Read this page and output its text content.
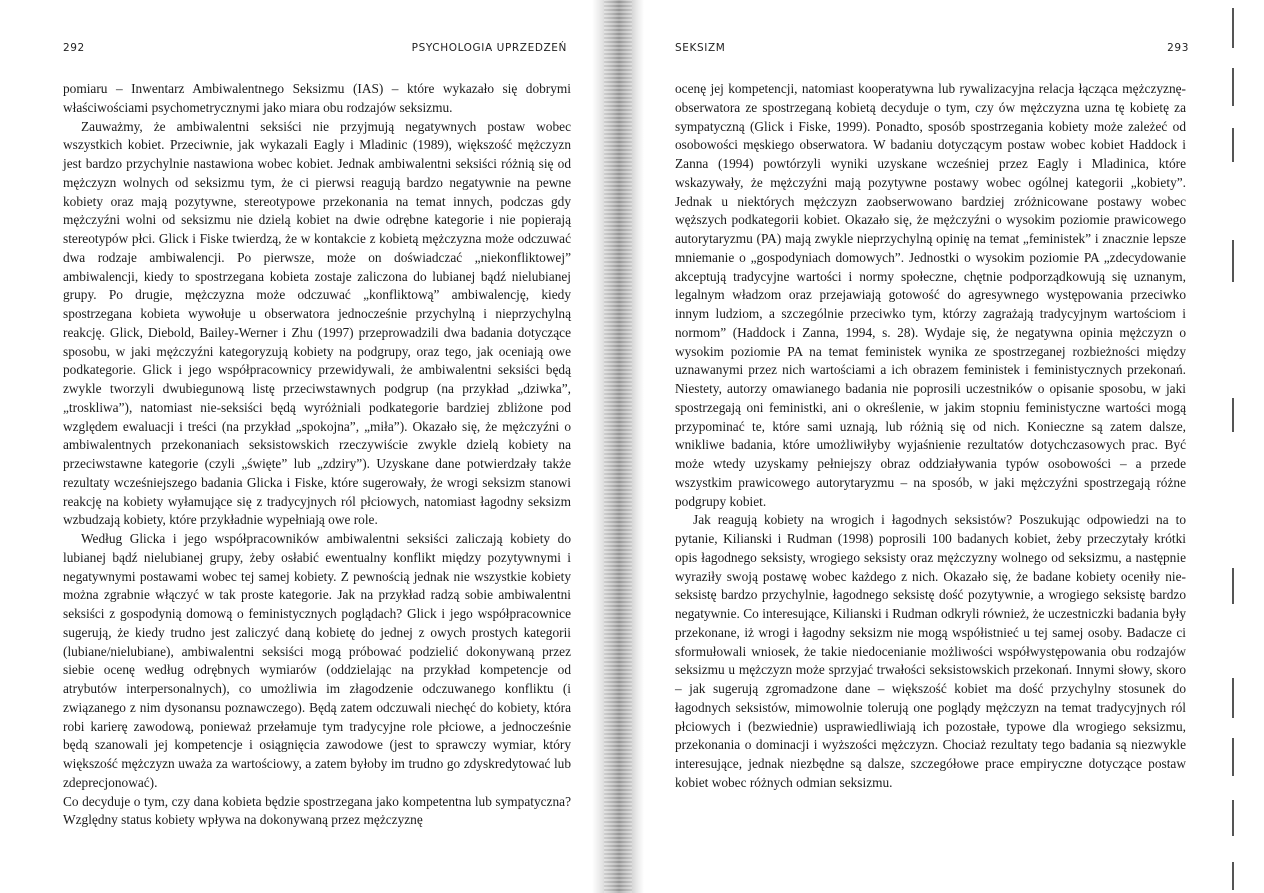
292	PSYCHOLOGIA UPRZEDZEŃ

pomiaru – Inwentarz Ambiwalentnego Seksizmu (IAS) – które wykazało się dobrymi właściwościami psychometrycznymi jako miara obu rodzajów seksizmu.

Zauważmy, że ambiwalentni seksiści nie przyjmują negatywnych postaw wobec wszystkich kobiet. Przeciwnie, jak wykazali Eagly i Mladinic (1989), większość mężczyzn jest bardzo przychylnie nastawiona wobec kobiet. Jednak ambiwalentni seksiści różnią się od mężczyzn wolnych od seksizmu tym, że ci pierwsi reagują bardzo negatywnie na pewne kobiety oraz mają pozytywne, stereotypowe przekonania na temat innych, podczas gdy mężczyźni wolni od seksizmu nie dzielą kobiet na dwie odrębne kategorie i nie popierają stereotypów płci. Glick i Fiske twierdzą, że w kontakcie z kobietą mężczyzna może odczuwać dwa rodzaje ambiwalencji. Po pierwsze, może on doświadczać „niekonfliktowej” ambiwalencji, kiedy to spostrzegana kobieta zostaje zaliczona do lubianej bądź nielubianej grupy. Po drugie, mężczyzna może odczuwać „konfliktową” ambiwalencję, kiedy spostrzegana kobieta wywołuje u obserwatora jednocześnie przychylną i nieprzychylną reakcję. Glick, Diebold, Bailey-Werner i Zhu (1997) przeprowadzili dwa badania dotyczące sposobu, w jaki mężczyźni kategoryzują kobiety na podgrupy, oraz tego, jak oceniają owe podkategorie. Glick i jego współpracownicy przewidywali, że ambiwalentni seksiści będą zwykle tworzyli dwubiegunową listę przeciwstawnych podgrup (na przykład „dziwka”, „troskliwa”), natomiast nie-seksiści będą wyróżniali podkategorie bardziej zbliżone pod względem ewaluacji i treści (na przykład „spokojna”, „miła”). Okazało się, że mężczyźni o ambiwalentnych przekonaniach seksistowskich rzeczywiście zwykle dzielą kobiety na przeciwstawne kategorie (czyli „święte” lub „zdziry”). Uzyskane dane potwierdzały także rezultaty wcześniejszego badania Glicka i Fiske, które sugerowały, że wrogi seksizm stanowi reakcję na kobiety wyłamujące się z tradycyjnych ról płciowych, natomiast łagodny seksizm wzbudzają kobiety, które przykładnie wypełniają owe role.

Według Glicka i jego współpracowników ambiwalentni seksiści zaliczają kobiety do lubianej bądź nielubianej grupy, żeby osłabić ewentualny konflikt między pozytywnymi i negatywnymi postawami wobec tej samej kobiety. Z pewnością jednak nie wszystkie kobiety można zgrabnie włączyć w tak proste kategorie. Jak na przykład radzą sobie ambiwalentni seksiści z gospodynią domową o feministycznych poglądach? Glick i jego współpracownice sugerują, że kiedy trudno jest zaliczyć daną kobietę do jednej z owych prostych kategorii (lubiane/nielubiane), ambiwalentni seksiści mogą próbować podzielić dokonywaną przez siebie ocenę według odrębnych wymiarów (oddzielając na przykład kompetencje od atrybutów interpersonalnych), co umożliwia im złagodzenie odczuwanego konfliktu (i związanego z nim dysonansu poznawczego). Będą zatem odczuwali niechęć do kobiety, która robi karierę zawodową, ponieważ przełamuje tym tradycyjne role płciowe, a jednocześnie będą szanowali jej kompetencje i osiągnięcia zawodowe (jest to sprawczy wymiar, który większość mężczyzn uważa za wartościowy, a zatem byłoby im trudno go zdyskredytować lub zdeprecjonować).

Co decyduje o tym, czy dana kobieta będzie spostrzegana jako kompetentna lub sympatyczna? Względny status kobiety wpływa na dokonywaną przez mężczyznę

SEKSIZM	293

ocenę jej kompetencji, natomiast kooperatywna lub rywalizacyjna relacja łącząca mężczyznę-obserwatora ze spostrzeganą kobietą decyduje o tym, czy ów mężczyzna uzna tę kobietę za sympatyczną (Glick i Fiske, 1999). Ponadto, sposób spostrzegania kobiety może zależeć od osobowości męskiego obserwatora. W badaniu dotyczącym postaw wobec kobiet Haddock i Zanna (1994) powtórzyli wyniki uzyskane wcześniej przez Eagly i Mladinica, które wskazywały, że mężczyźni mają pozytywne postawy wobec ogólnej kategorii „kobiety”. Jednak u niektórych mężczyzn zaobserwowano bardziej zróżnicowane postawy wobec węższych podkategorii kobiet. Okazało się, że mężczyźni o wysokim poziomie prawicowego autorytaryzmu (PA) mają zwykle nieprzychylną opinię na temat „feministek” i znacznie lepsze mniemanie o „gospodyniach domowych”. Jednostki o wysokim poziomie PA „zdecydowanie akceptują tradycyjne wartości i normy społeczne, chętnie podporządkowują się uznanym, legalnym władzom oraz przejawiają gotowość do agresywnego występowania przeciwko innym ludziom, a szczególnie przeciwko tym, którzy zagrażają tradycyjnym wartościom i normom” (Haddock i Zanna, 1994, s. 28). Wydaje się, że negatywna opinia mężczyzn o wysokim poziomie PA na temat feministek wynika ze spostrzeganej rozbieżności między uznawanymi przez nich wartościami a ich obrazem feministek i feministycznych przekonań. Niestety, autorzy omawianego badania nie poprosili uczestników o opisanie sposobu, w jaki spostrzegają oni feministki, ani o określenie, w jakim stopniu feministyczne wartości mogą przypominać te, które sami uznają, lub różnią się od nich. Konieczne są zatem dalsze, wnikliwe badania, które umożliwiłyby wyjaśnienie rezultatów dotychczasowych prac. Być może wtedy uzyskamy pełniejszy obraz oddziaływania typów osobowości – a przede wszystkim prawicowego autorytaryzmu – na sposób, w jaki mężczyźni spostrzegają różne podgrupy kobiet.

Jak reagują kobiety na wrogich i łagodnych seksistów? Poszukując odpowiedzi na to pytanie, Kilianski i Rudman (1998) poprosili 100 badanych kobiet, żeby przeczytały krótki opis łagodnego seksisty, wrogiego seksisty oraz mężczyzny wolnego od seksizmu, a następnie wyraziły swoją postawę wobec każdego z nich. Okazało się, że badane kobiety oceniły nie-seksistę bardzo przychylnie, łagodnego seksistę dość pozytywnie, a wrogiego seksistę bardzo negatywnie. Co interesujące, Kilianski i Rudman odkryli również, że uczestniczki badania były przekonane, iż wrogi i łagodny seksizm nie mogą współistnieć u tej samej osoby. Badacze ci sformułowali wniosek, że takie niedocenianie możliwości współwystępowania obu rodzajów seksizmu u mężczyzn może sprzyjać trwałości seksistowskich przekonań. Innymi słowy, skoro – jak sugerują zgromadzone dane – większość kobiet ma dość przychylny stosunek do łagodnych seksistów, mimowolnie tolerują one poglądy mężczyzn na temat tradycyjnych ról płciowych i (bezwiednie) usprawiedliwiają ich pozostałe, typowe dla wrogiego seksizmu, przekonania o dominacji i wyższości mężczyzn. Chociaż rezultaty tego badania są niezwykle interesujące, jednak niezbędne są dalsze, szczegółowe prace empiryczne dotyczące postaw kobiet wobec różnych odmian seksizmu.
